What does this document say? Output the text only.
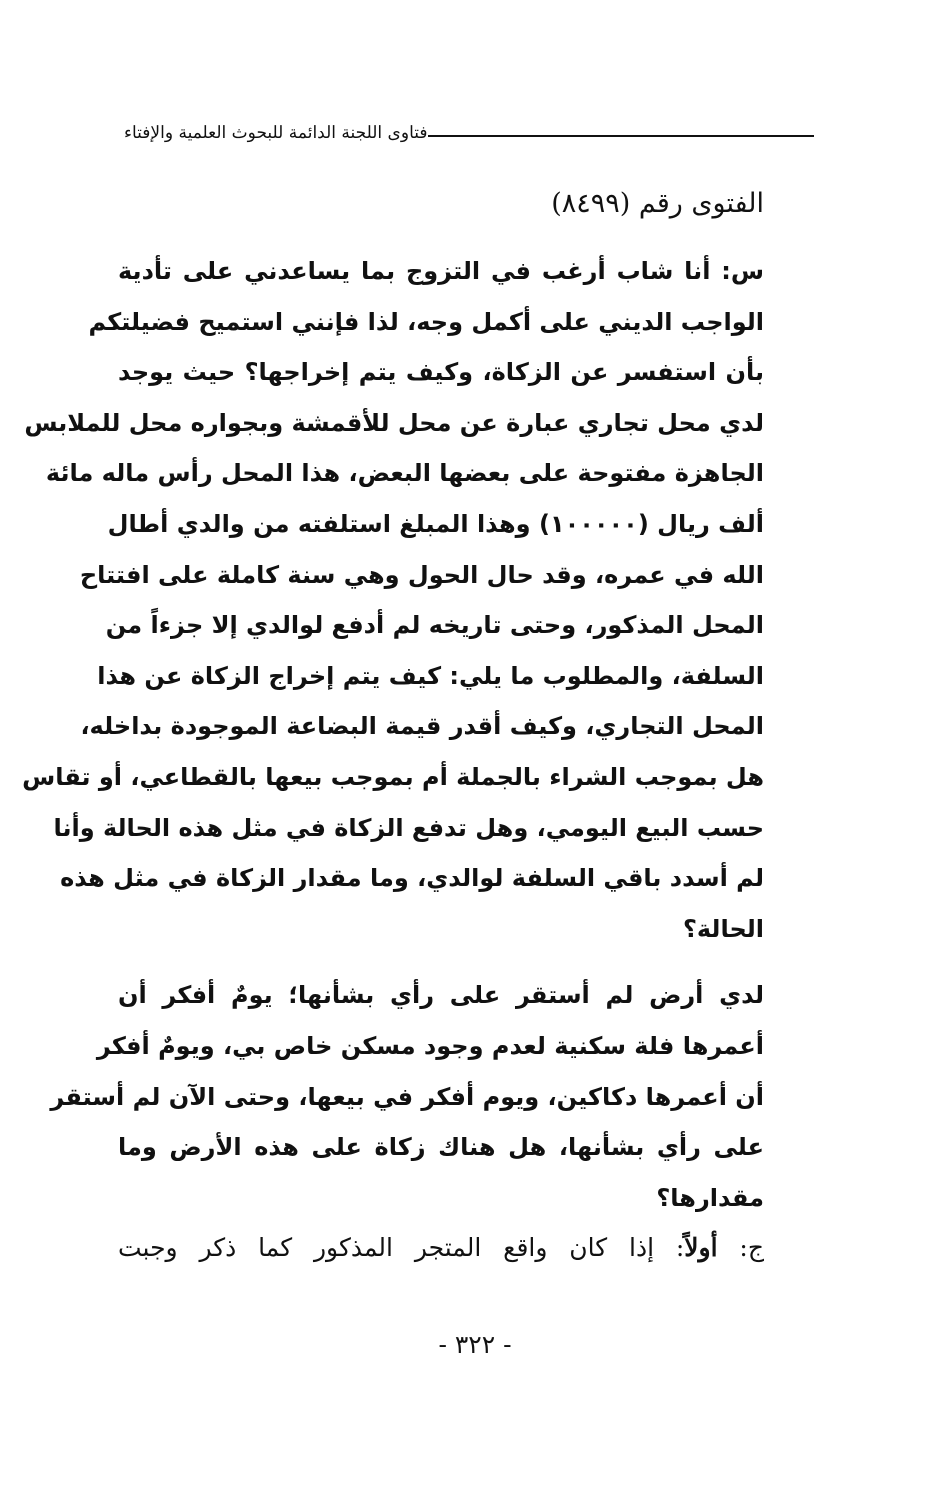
فتاوى اللجنة الدائمة للبحوث العلمية والإفتاء
الفتوى رقم (٨٤٩٩)
س: أنا شاب أرغب في التزوج بما يساعدني على تأدية
الواجب الديني على أكمل وجه، لذا فإنني استميح فضيلتكم
بأن استفسر عن الزكاة، وكيف يتم إخراجها؟ حيث يوجد
لدي محل تجاري عبارة عن محل للأقمشة وبجواره محل للملابس
الجاهزة مفتوحة على بعضها البعض، هذا المحل رأس ماله مائة
ألف ريال (١٠٠٠٠٠) وهذا المبلغ استلفته من والدي أطال
الله في عمره، وقد حال الحول وهي سنة كاملة على افتتاح
المحل المذكور، وحتى تاريخه لم أدفع لوالدي إلا جزءاً من
السلفة، والمطلوب ما يلي: كيف يتم إخراج الزكاة عن هذا
المحل التجاري، وكيف أقدر قيمة البضاعة الموجودة بداخله،
هل بموجب الشراء بالجملة أم بموجب بيعها بالقطاعي، أو تقاس
حسب البيع اليومي، وهل تدفع الزكاة في مثل هذه الحالة وأنا
لم أسدد باقي السلفة لوالدي، وما مقدار الزكاة في مثل هذه
الحالة؟
لدي أرض لم أستقر على رأي بشأنها؛ يومٌ أفكر أن
أعمرها فلة سكنية لعدم وجود مسكن خاص بي، ويومٌ أفكر
أن أعمرها دكاكين، ويوم أفكر في بيعها، وحتى الآن لم أستقر
على رأي بشأنها، هل هناك زكاة على هذه الأرض وما
مقدارها؟
ج: أولاً: إذا كان واقع المتجر المذكور كما ذكر وجبت
- ٣٢٢ -
